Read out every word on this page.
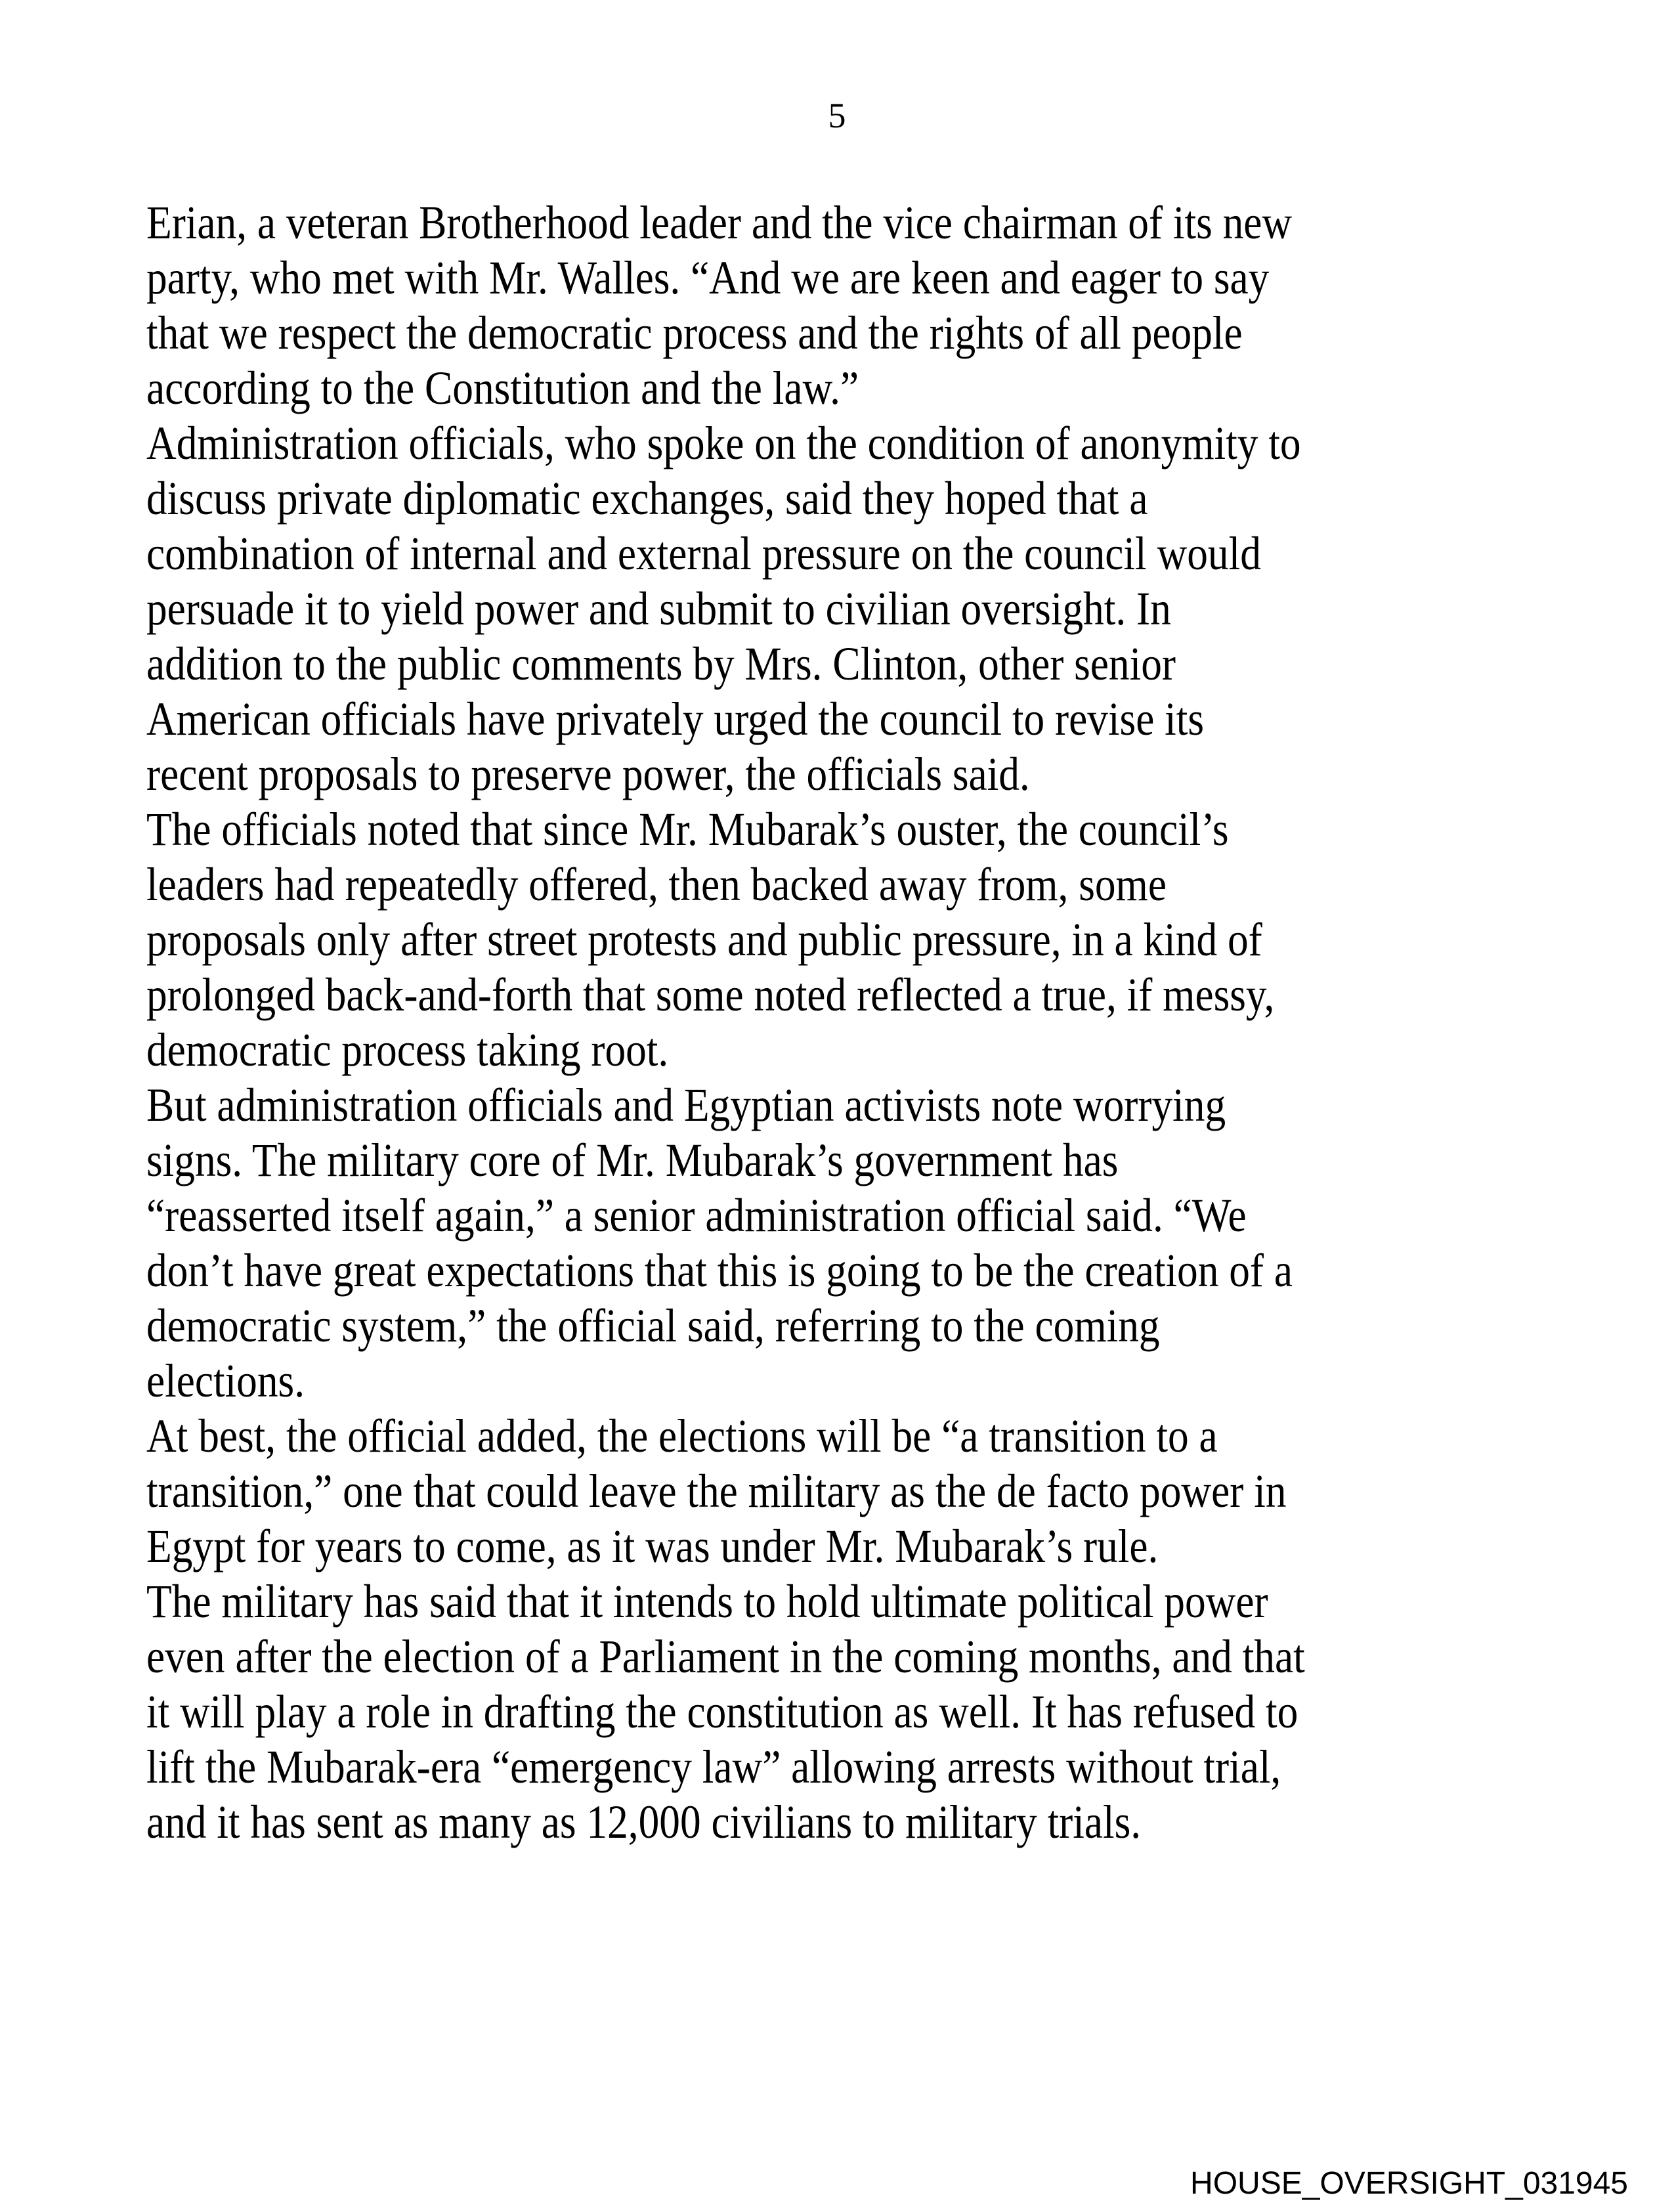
5
Erian, a veteran Brotherhood leader and the vice chairman of its new
party, who met with Mr. Walles. “And we are keen and eager to say
that we respect the democratic process and the rights of all people
according to the Constitution and the law.”
Administration officials, who spoke on the condition of anonymity to
discuss private diplomatic exchanges, said they hoped that a
combination of internal and external pressure on the council would
persuade it to yield power and submit to civilian oversight. In
addition to the public comments by Mrs. Clinton, other senior
American officials have privately urged the council to revise its
recent proposals to preserve power, the officials said.
The officials noted that since Mr. Mubarak’s ouster, the council’s
leaders had repeatedly offered, then backed away from, some
proposals only after street protests and public pressure, in a kind of
prolonged back-and-forth that some noted reflected a true, if messy,
democratic process taking root.
But administration officials and Egyptian activists note worrying
signs. The military core of Mr. Mubarak’s government has
“reasserted itself again,” a senior administration official said. “We
don’t have great expectations that this is going to be the creation of a
democratic system,” the official said, referring to the coming
elections.
At best, the official added, the elections will be “a transition to a
transition,” one that could leave the military as the de facto power in
Egypt for years to come, as it was under Mr. Mubarak’s rule.
The military has said that it intends to hold ultimate political power
even after the election of a Parliament in the coming months, and that
it will play a role in drafting the constitution as well. It has refused to
lift the Mubarak-era “emergency law” allowing arrests without trial,
and it has sent as many as 12,000 civilians to military trials.
HOUSE_OVERSIGHT_031945
